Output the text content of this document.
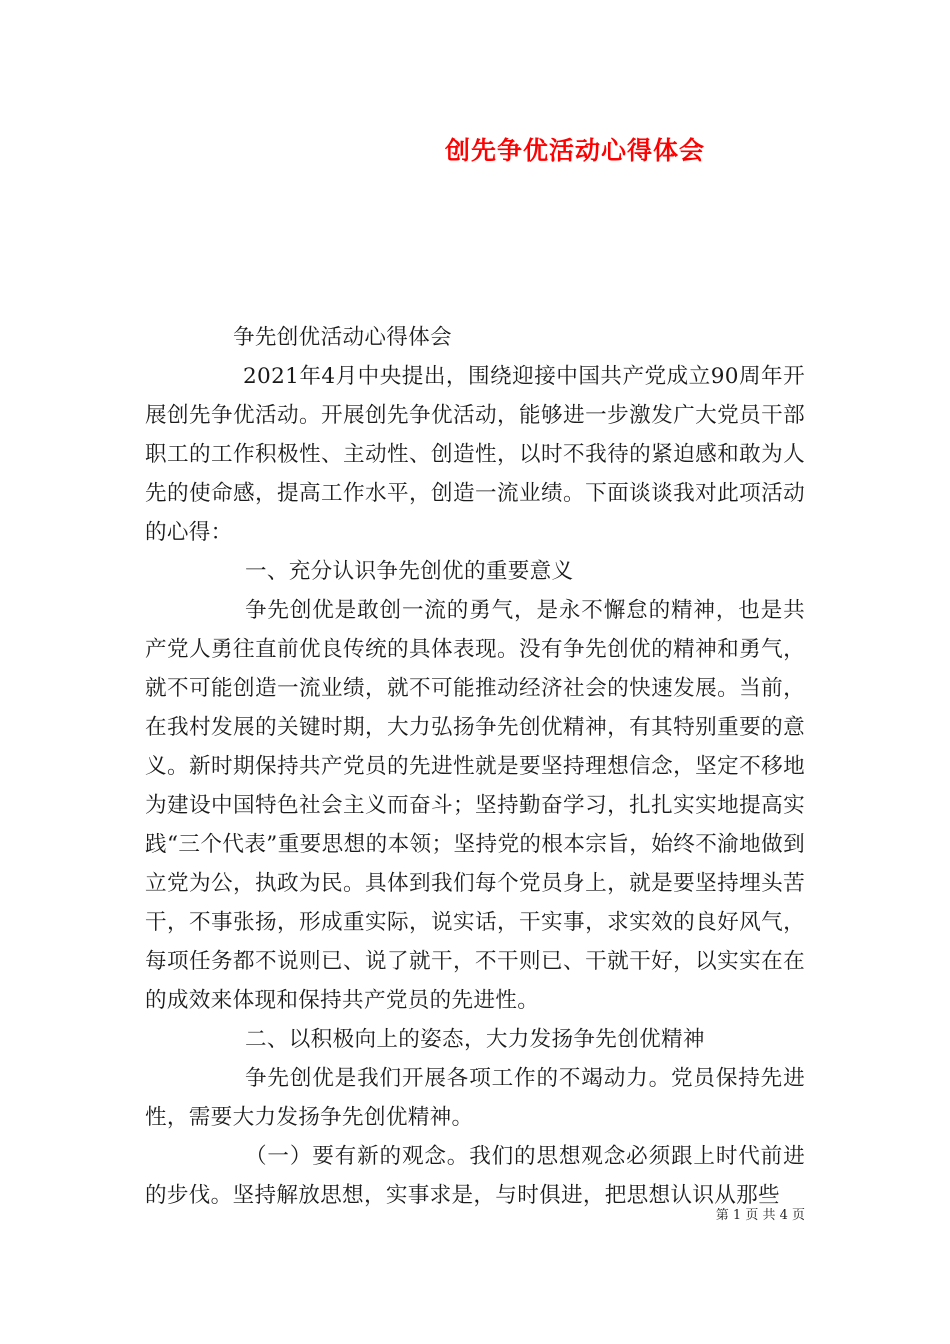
创先争优活动心得体会

争先创优活动心得体会

2021年4月中央提出，围绕迎接中国共产党成立90周年开展创先争优活动。开展创先争优活动，能够进一步激发广大党员干部职工的工作积极性、主动性、创造性，以时不我待的紧迫感和敢为人先的使命感，提高工作水平，创造一流业绩。下面谈谈我对此项活动的心得：

一、充分认识争先创优的重要意义

争先创优是敢创一流的勇气，是永不懈怠的精神，也是共产党人勇往直前优良传统的具体表现。没有争先创优的精神和勇气，就不可能创造一流业绩，就不可能推动经济社会的快速发展。当前，在我村发展的关键时期，大力弘扬争先创优精神，有其特别重要的意义。新时期保持共产党员的先进性就是要坚持理想信念，坚定不移地为建设中国特色社会主义而奋斗；坚持勤奋学习，扎扎实实地提高实践“三个代表”重要思想的本领；坚持党的根本宗旨，始终不渝地做到立党为公，执政为民。具体到我们每个党员身上，就是要坚持埋头苦干，不事张扬，形成重实际，说实话，干实事，求实效的良好风气，每项任务都不说则已、说了就干，不干则已、干就干好，以实实在在的成效来体现和保持共产党员的先进性。

二、以积极向上的姿态，大力发扬争先创优精神

争先创优是我们开展各项工作的不竭动力。党员保持先进性，需要大力发扬争先创优精神。

（一）要有新的观念。我们的思想观念必须跟上时代前进的步伐。坚持解放思想，实事求是，与时俱进，把思想认识从那些

第 1 页 共 4 页
